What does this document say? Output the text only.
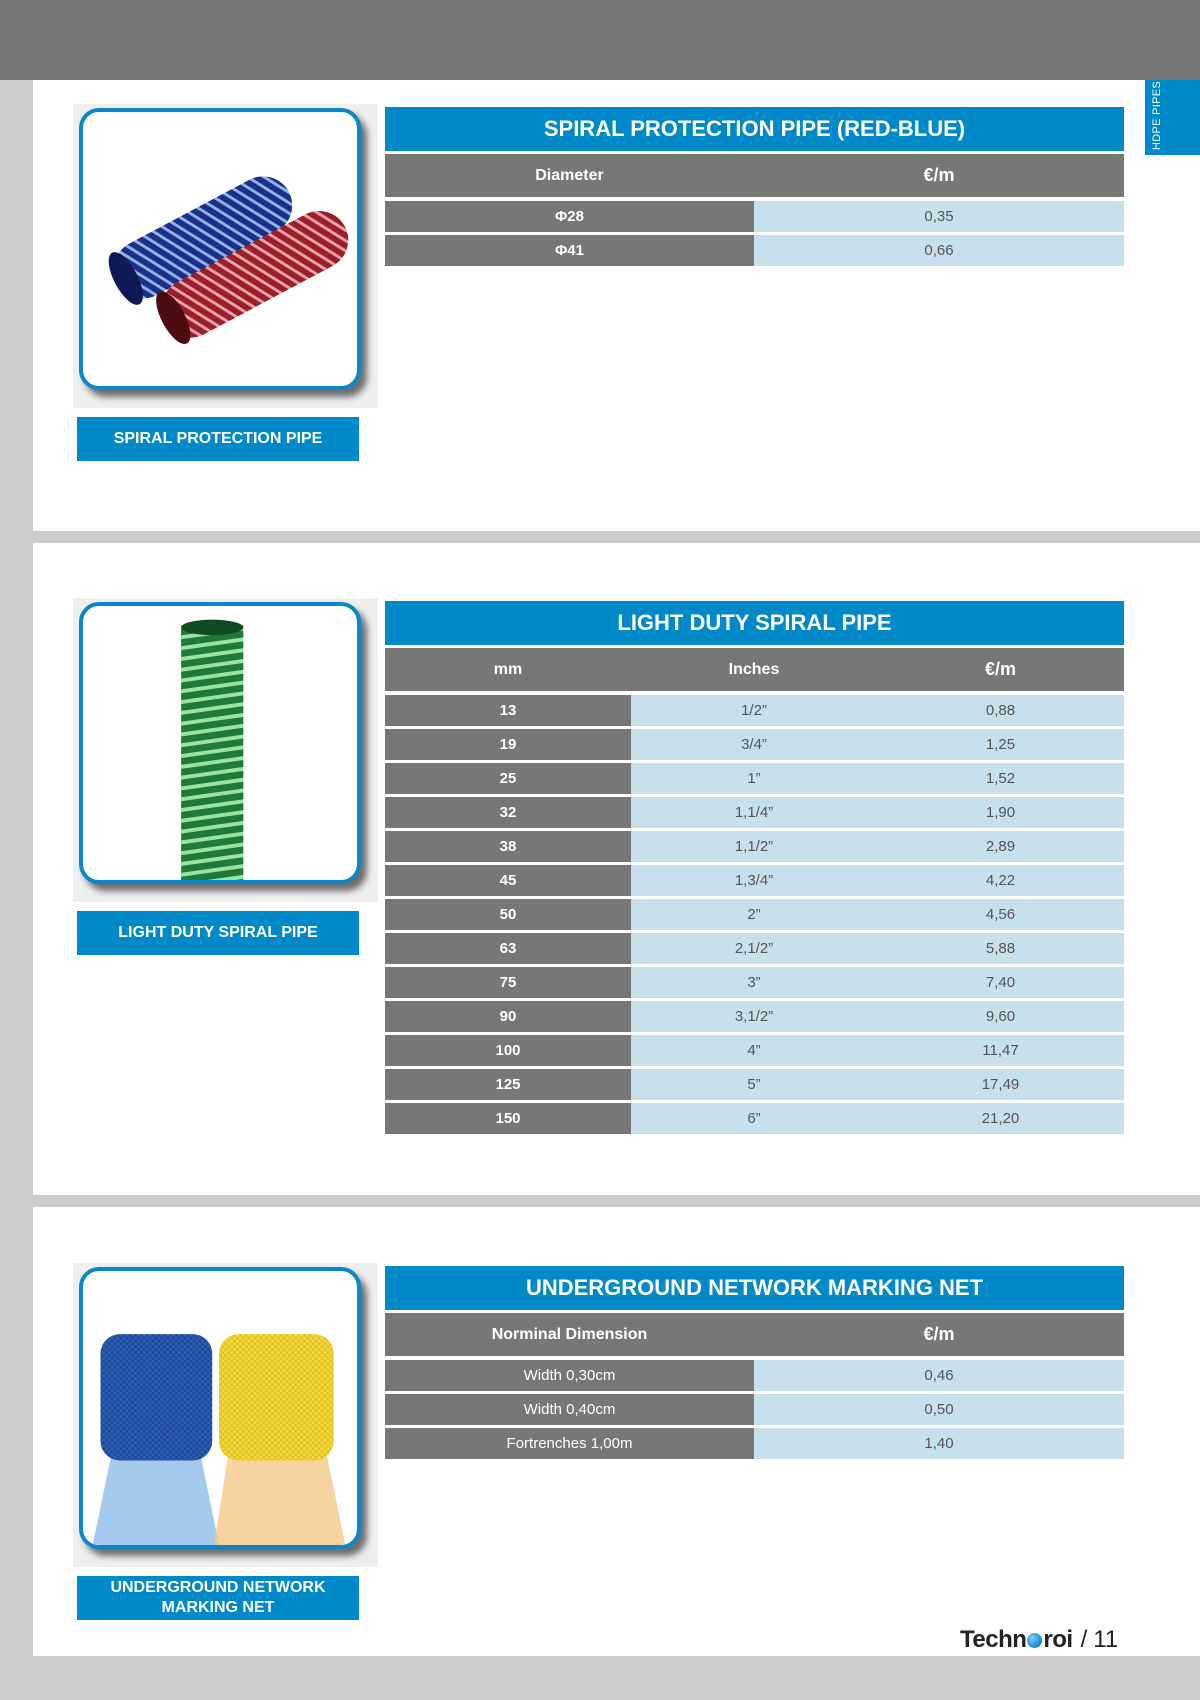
HDPE PIPES
SPIRAL PROTECTION PIPE
SPIRAL PROTECTION PIPE (RED-BLUE)
Diameter	€/m
Φ28	0,35
Φ41	0,66
LIGHT DUTY SPIRAL PIPE
LIGHT DUTY SPIRAL PIPE
mm	Inches	€/m
13	1/2”	0,88
19	3/4”	1,25
25	1”	1,52
32	1,1/4”	1,90
38	1,1/2”	2,89
45	1,3/4”	4,22
50	2”	4,56
63	2,1/2”	5,88
75	3”	7,40
90	3,1/2”	9,60
100	4”	11,47
125	5”	17,49
150	6”	21,20
UNDERGROUND NETWORK
MARKING NET
UNDERGROUND NETWORK MARKING NET
Norminal Dimension	€/m
Width 0,30cm	0,46
Width 0,40cm	0,50
Fortrenches 1,00m	1,40
Techn roi / 11
